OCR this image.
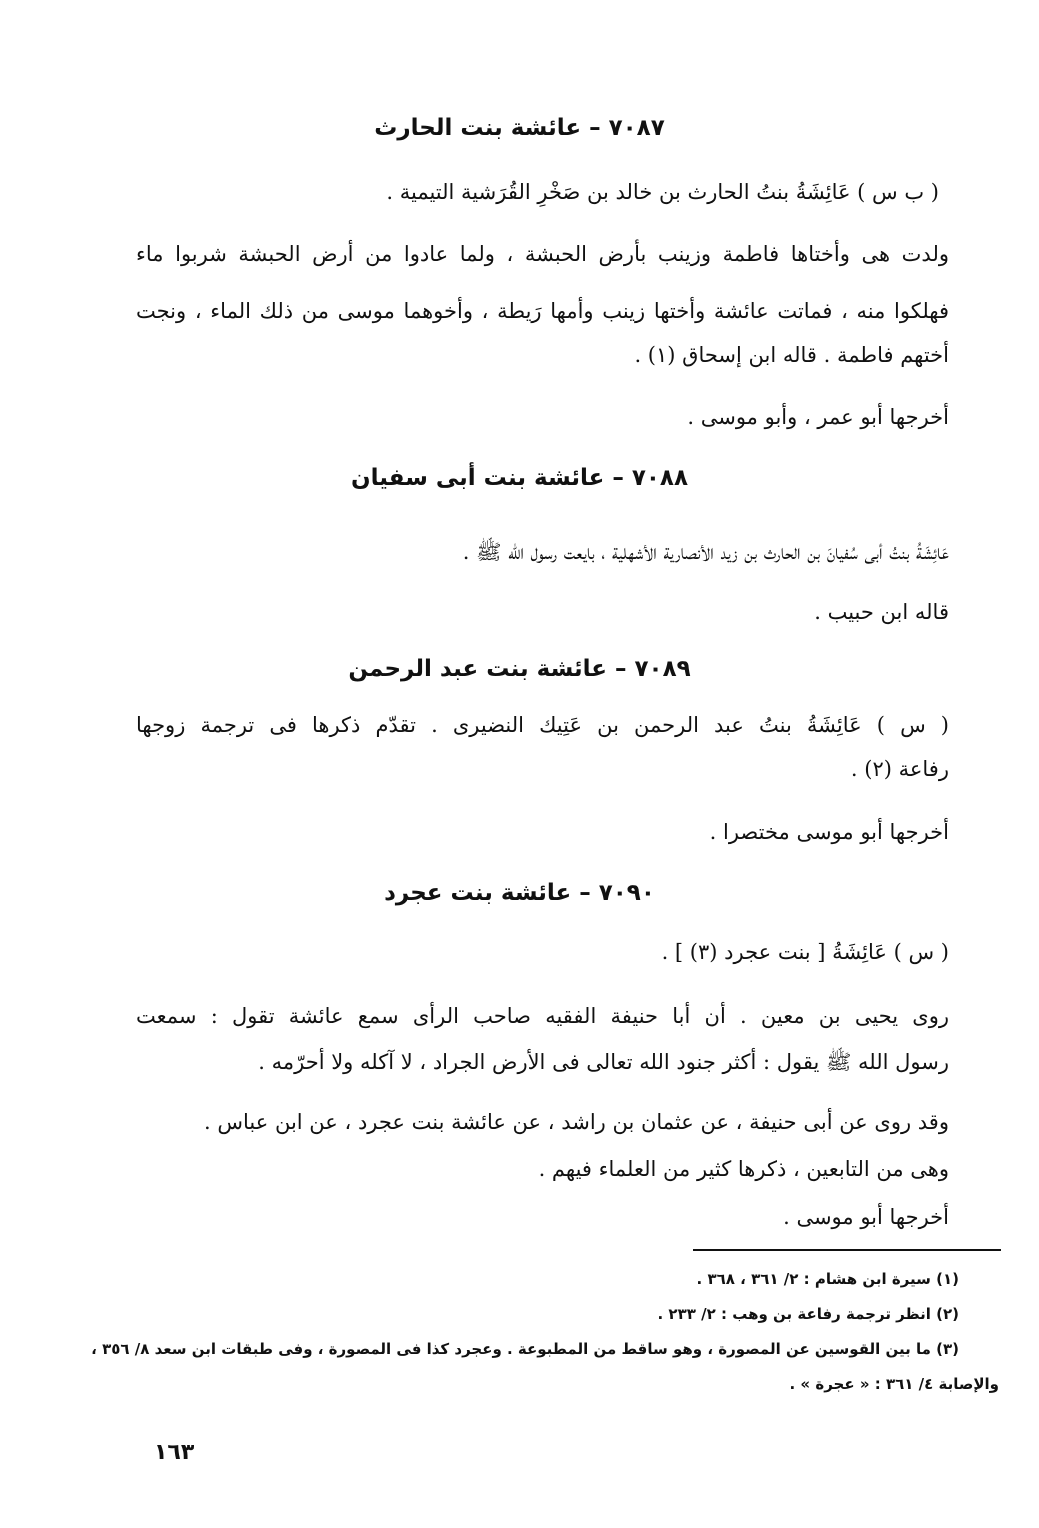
٧٠٨٧ – عائشة بنت الحارث
( ب س ) عَائِشَةُ بنتُ الحارث بن خالد بن صَخْرِ القُرَشية التيمية .
ولدت هى وأختاها فاطمة وزينب بأرض الحبشة ، ولما عادوا من أرض الحبشة شربوا ماء
فهلكوا منه ، فماتت عائشة وأختها زينب وأمها رَيطة ، وأخوهما موسى من ذلك الماء ، ونجت
أختهم فاطمة . قاله ابن إسحاق (١) .
أخرجها أبو عمر ، وأبو موسى .
٧٠٨٨ – عائشة بنت أبى سفيان
عَائِشَةُ بنتُ أبى سُفيانَ بن الحارث بن زيد الأنصارية الأشهلية ، بايعت رسول الله ﷺ .
قاله ابن حبيب .
٧٠٨٩ – عائشة بنت عبد الرحمن
( س ) عَائِشَةُ بنتُ عبد الرحمن بن عَتِيك النضيرى . تقدّم ذكرها فى ترجمة زوجها
رفاعة (٢) .
أخرجها أبو موسى مختصرا .
٧٠٩٠ – عائشة بنت عجرد
( س ) عَائِشَةُ [ بنت عجرد (٣) ] .
روى يحيى بن معين . أن أبا حنيفة الفقيه صاحب الرأى سمع عائشة تقول : سمعت
رسول الله ﷺ يقول : أكثر جنود الله تعالى فى الأرض الجراد ، لا آكله ولا أحرّمه .
وقد روى عن أبى حنيفة ، عن عثمان بن راشد ، عن عائشة بنت عجرد ، عن ابن عباس .
وهى من التابعين ، ذكرها كثير من العلماء فيهم .
أخرجها أبو موسى .
(١) سيرة ابن هشام : ٢/ ٣٦١ ، ٣٦٨ .
(٢) انظر ترجمة رفاعة بن وهب : ٢/ ٢٣٣ .
(٣) ما بين القوسين عن المصورة ، وهو ساقط من المطبوعة . وعجرد كذا فى المصورة ، وفى طبقات ابن سعد ٨/ ٣٥٦ ،
والإصابة ٤/ ٣٦١ : « عجرة » .
١٦٣
